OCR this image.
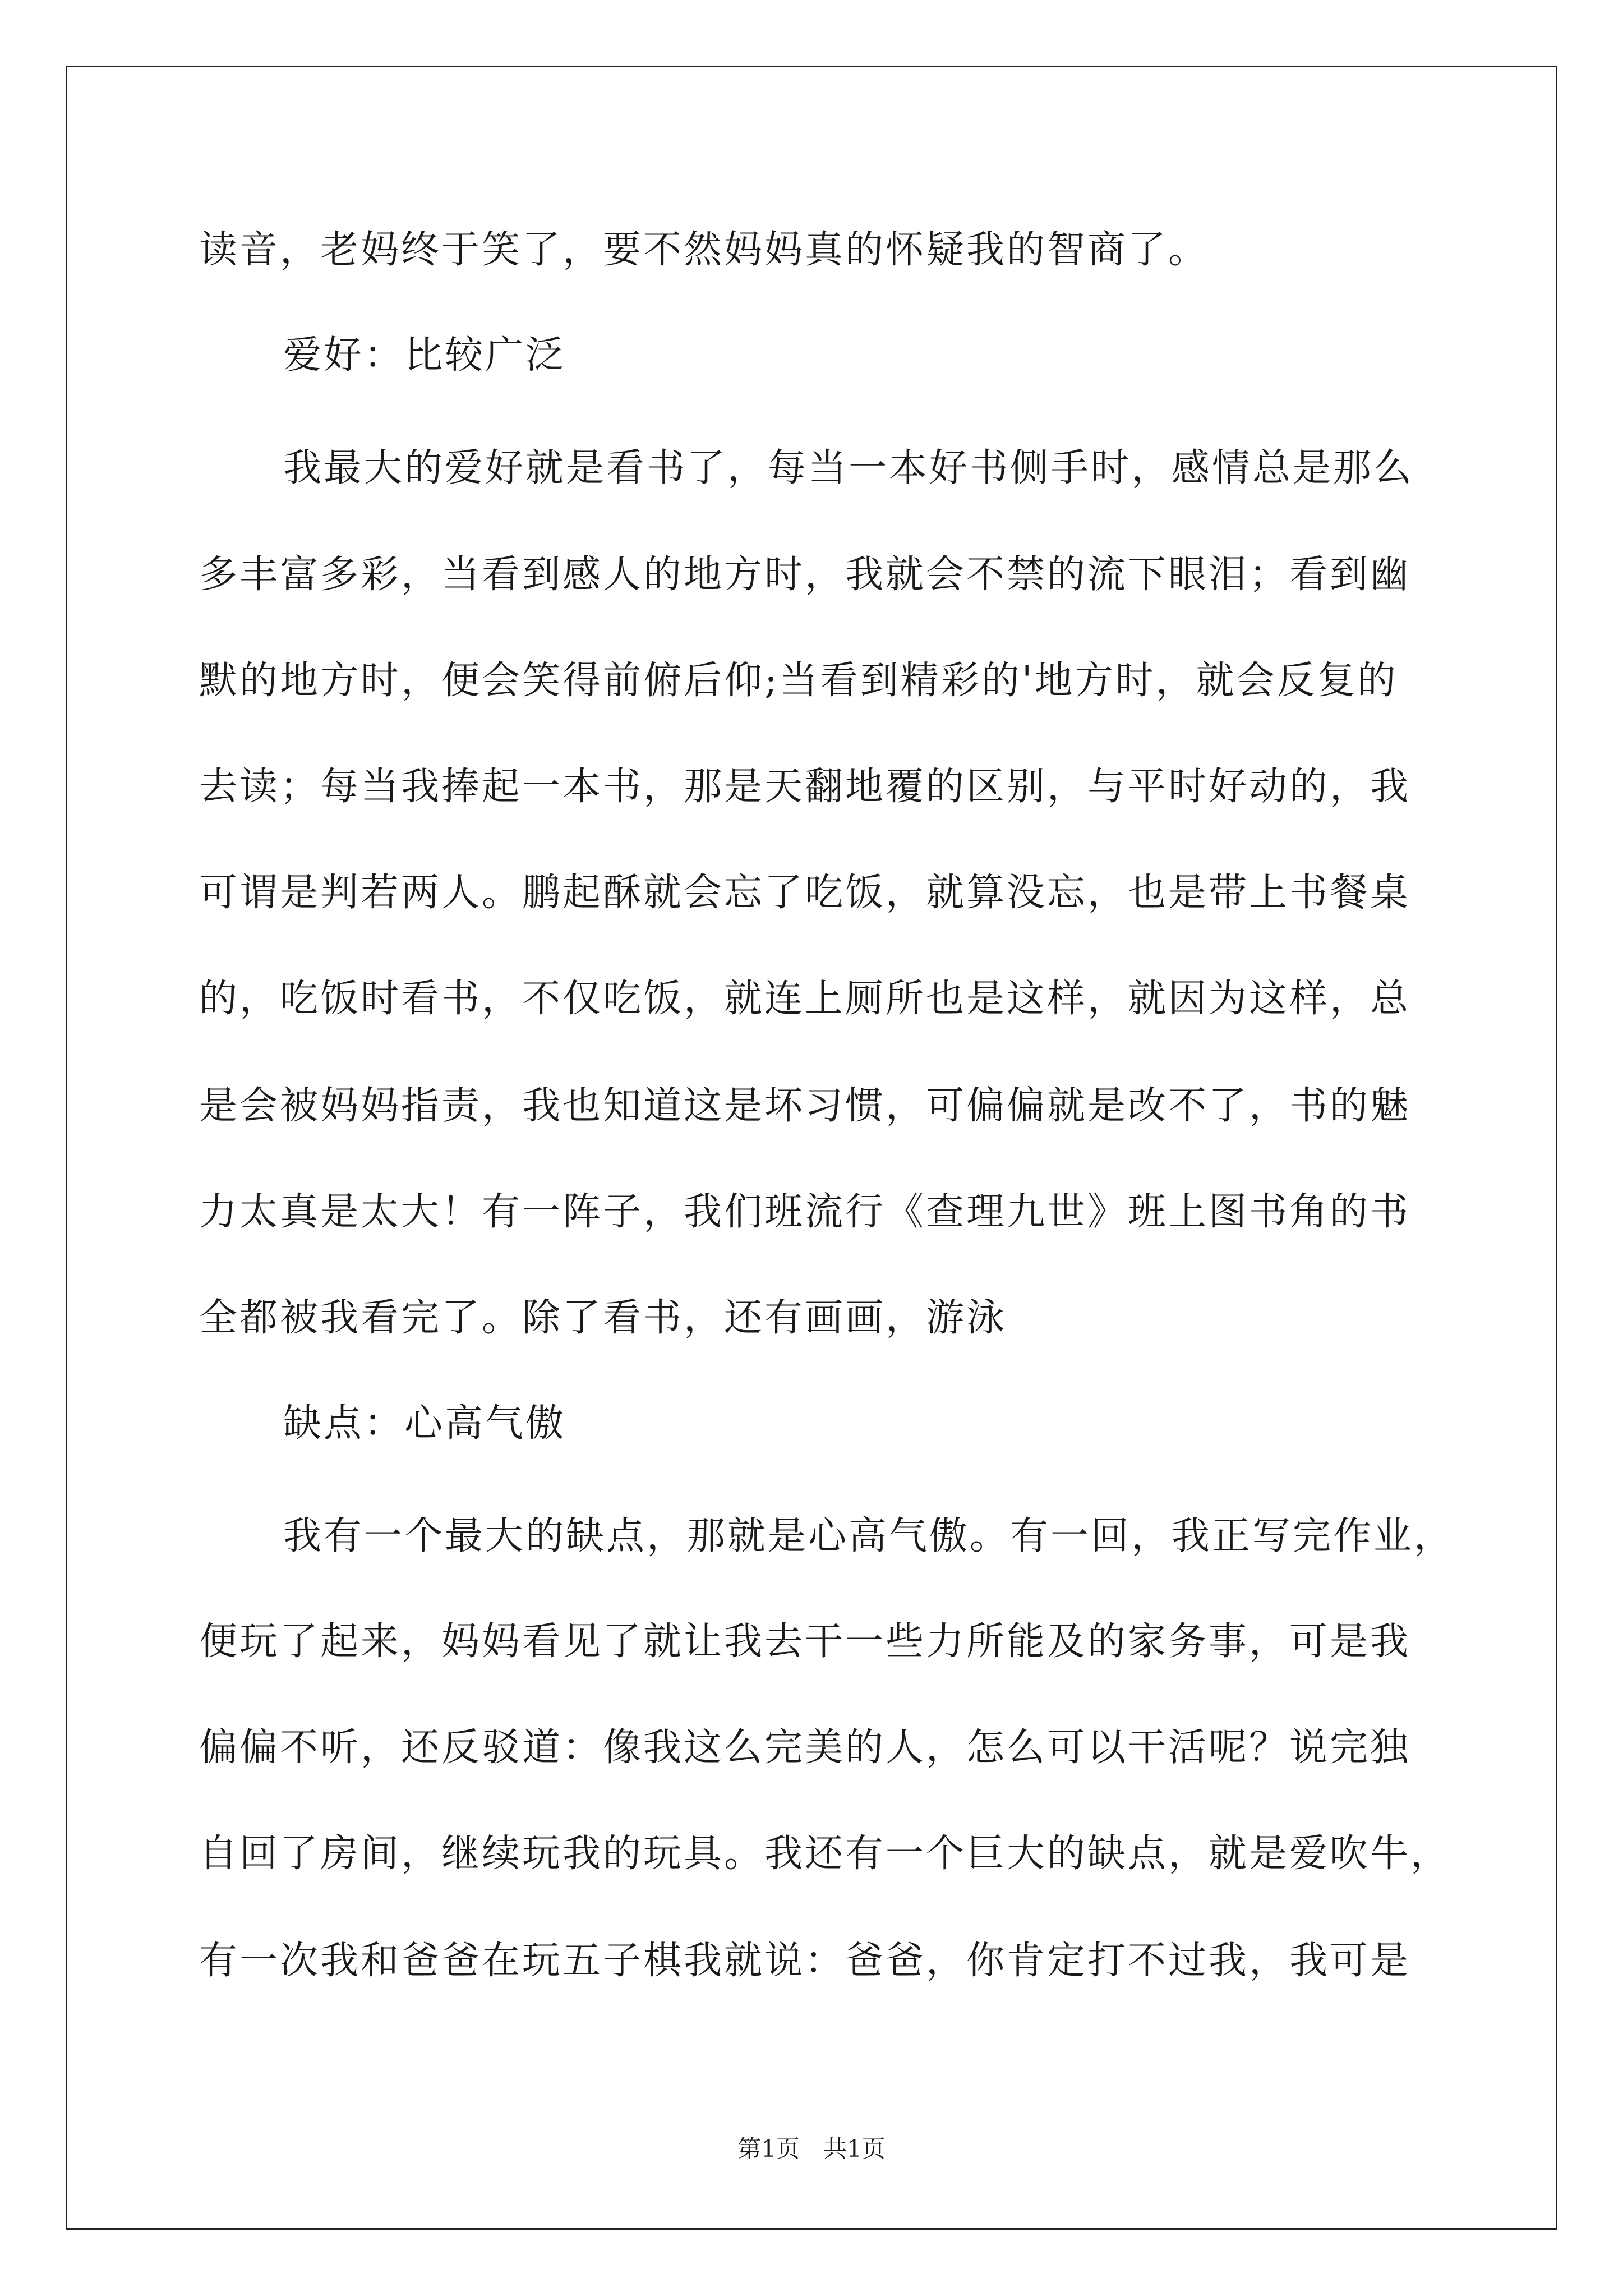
读音，老妈终于笑了，要不然妈妈真的怀疑我的智商了。
爱好：比较广泛
我最大的爱好就是看书了，每当一本好书侧手时，感情总是那么
多丰富多彩，当看到感人的地方时，我就会不禁的流下眼泪；看到幽
默的地方时，便会笑得前俯后仰;当看到精彩的'地方时，就会反复的
去读；每当我捧起一本书，那是天翻地覆的区别，与平时好动的，我
可谓是判若两人。鹏起酥就会忘了吃饭，就算没忘，也是带上书餐桌
的，吃饭时看书，不仅吃饭，就连上厕所也是这样，就因为这样，总
是会被妈妈指责，我也知道这是坏习惯，可偏偏就是改不了，书的魅
力太真是太大！有一阵子，我们班流行《查理九世》班上图书角的书
全都被我看完了。除了看书，还有画画，游泳
缺点：心高气傲
我有一个最大的缺点，那就是心高气傲。有一回，我正写完作业，
便玩了起来，妈妈看见了就让我去干一些力所能及的家务事，可是我
偏偏不听，还反驳道：像我这么完美的人，怎么可以干活呢？说完独
自回了房间，继续玩我的玩具。我还有一个巨大的缺点，就是爱吹牛，
有一次我和爸爸在玩五子棋我就说：爸爸，你肯定打不过我，我可是
第1页　共1页
